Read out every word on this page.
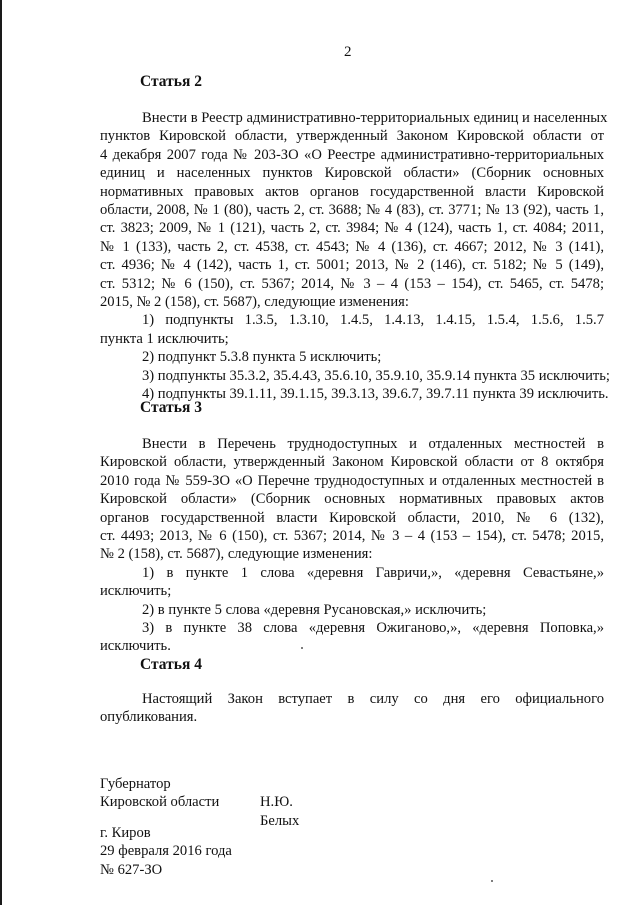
2
Статья 2
Внести в Реестр административно-территориальных единиц и населенных
пунктов Кировской области, утвержденный Законом Кировской области от
4 декабря 2007 года № 203-ЗО «О Реестре административно-территориальных
единиц и населенных пунктов Кировской области» (Сборник основных
нормативных правовых актов органов государственной власти Кировской
области, 2008, № 1 (80), часть 2, ст. 3688; № 4 (83), ст. 3771; № 13 (92), часть 1,
ст. 3823; 2009, № 1 (121), часть 2, ст. 3984; № 4 (124), часть 1, ст. 4084; 2011,
№ 1 (133), часть 2, ст. 4538, ст. 4543; № 4 (136), ст. 4667; 2012, № 3 (141),
ст. 4936; № 4 (142), часть 1, ст. 5001; 2013, № 2 (146), ст. 5182; № 5 (149),
ст. 5312; № 6 (150), ст. 5367; 2014, № 3 – 4 (153 – 154), ст. 5465, ст. 5478;
2015, № 2 (158), ст. 5687), следующие изменения:
1) подпункты 1.3.5, 1.3.10, 1.4.5, 1.4.13, 1.4.15, 1.5.4, 1.5.6, 1.5.7
пункта 1 исключить;
2) подпункт 5.3.8 пункта 5 исключить;
3) подпункты 35.3.2, 35.4.43, 35.6.10, 35.9.10, 35.9.14 пункта 35 исключить;
4) подпункты 39.1.11, 39.1.15, 39.3.13, 39.6.7, 39.7.11 пункта 39 исключить.
Статья 3
Внести в Перечень труднодоступных и отдаленных местностей в
Кировской области, утвержденный Законом Кировской области от 8 октября
2010 года № 559-ЗО «О Перечне труднодоступных и отдаленных местностей в
Кировской области» (Сборник основных нормативных правовых актов
органов государственной власти Кировской области, 2010, № 6 (132),
ст. 4493; 2013, № 6 (150), ст. 5367; 2014, № 3 – 4 (153 – 154), ст. 5478; 2015,
№ 2 (158), ст. 5687), следующие изменения:
1) в пункте 1 слова «деревня Гавричи,», «деревня Севастьяне,»
исключить;
2) в пункте 5 слова «деревня Русановская,» исключить;
3) в пункте 38 слова «деревня Ожиганово,», «деревня Поповка,»
исключить.
Статья 4
Настоящий Закон вступает в силу со дня его официального
опубликования.
Губернатор
Кировской области	Н.Ю. Белых
г. Киров
29 февраля 2016 года
№ 627-ЗО
